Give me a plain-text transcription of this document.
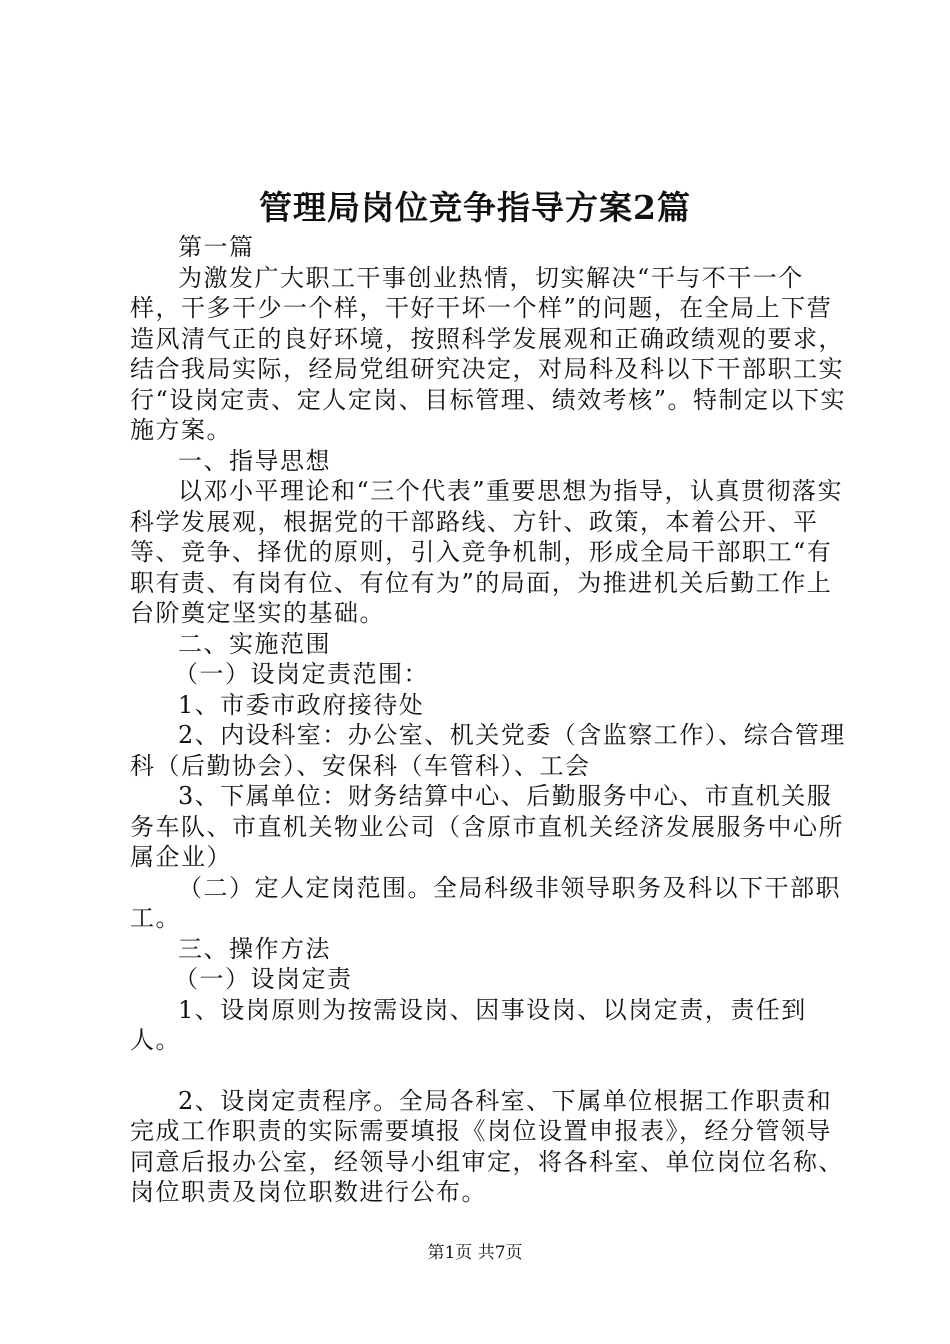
管理局岗位竞争指导方案2篇

第一篇

为激发广大职工干事创业热情，切实解决“干与不干一个样，干多干少一个样，干好干坏一个样”的问题，在全局上下营造风清气正的良好环境，按照科学发展观和正确政绩观的要求，结合我局实际，经局党组研究决定，对局科及科以下干部职工实行“设岗定责、定人定岗、目标管理、绩效考核”。特制定以下实施方案。

一、指导思想

以邓小平理论和“三个代表”重要思想为指导，认真贯彻落实科学发展观，根据党的干部路线、方针、政策，本着公开、平等、竞争、择优的原则，引入竞争机制，形成全局干部职工“有职有责、有岗有位、有位有为”的局面，为推进机关后勤工作上台阶奠定坚实的基础。

二、实施范围

（一）设岗定责范围：

1、市委市政府接待处

2、内设科室：办公室、机关党委（含监察工作）、综合管理科（后勤协会）、安保科（车管科）、工会

3、下属单位：财务结算中心、后勤服务中心、市直机关服务车队、市直机关物业公司（含原市直机关经济发展服务中心所属企业）

（二）定人定岗范围。全局科级非领导职务及科以下干部职工。

三、操作方法

（一）设岗定责

1、设岗原则为按需设岗、因事设岗、以岗定责，责任到人。

2、设岗定责程序。全局各科室、下属单位根据工作职责和完成工作职责的实际需要填报《岗位设置申报表》，经分管领导同意后报办公室，经领导小组审定，将各科室、单位岗位名称、岗位职责及岗位职数进行公布。

第1页 共7页
